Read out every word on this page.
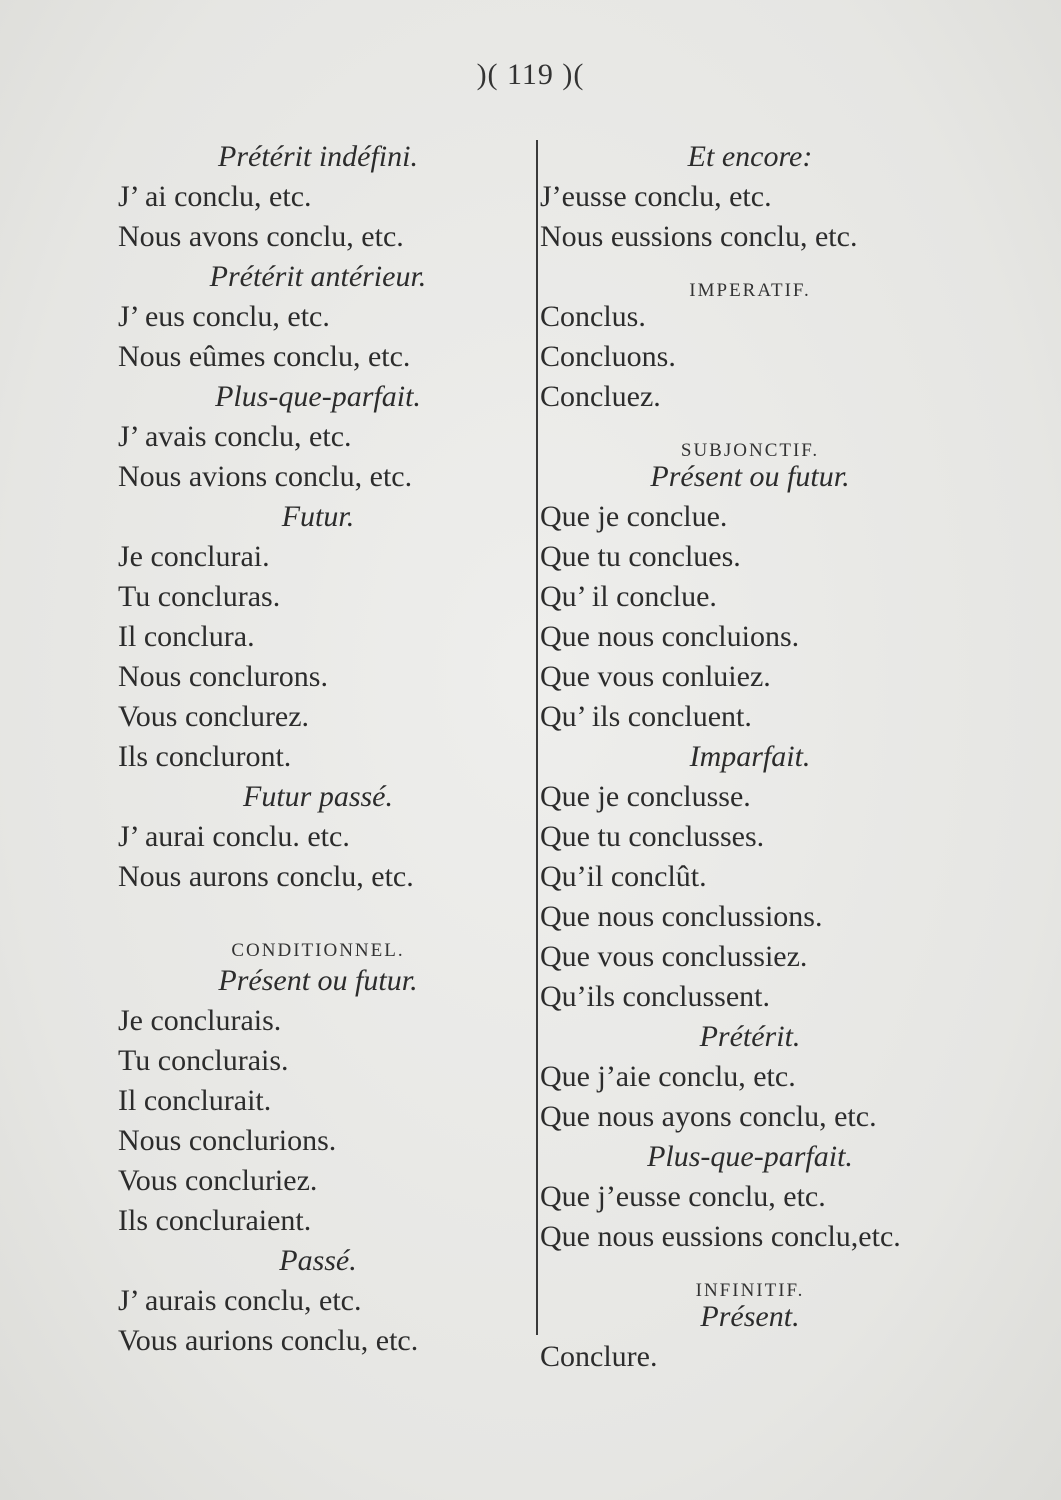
)( 119 )(
Prétérit indéfini.
J’ ai conclu, etc.
Nous avons conclu, etc.
Prétérit antérieur.
J’ eus conclu, etc.
Nous eûmes conclu, etc.
Plus-que-parfait.
J’ avais conclu, etc.
Nous avions conclu, etc.
Futur.
Je conclurai.
Tu concluras.
Il conclura.
Nous conclurons.
Vous conclurez.
Ils concluront.
Futur passé.
J’ aurai conclu. etc.
Nous aurons conclu, etc.
CONDITIONNEL.
Présent ou futur.
Je conclurais.
Tu conclurais.
Il conclurait.
Nous conclurions.
Vous concluriez.
Ils concluraient.
Passé.
J’ aurais conclu, etc.
Vous aurions conclu, etc.
Et encore:
J’eusse conclu, etc.
Nous eussions conclu, etc.
IMPERATIF.
Conclus.
Concluons.
Concluez.
SUBJONCTIF.
Présent ou futur.
Que je conclue.
Que tu conclues.
Qu’ il conclue.
Que nous concluions.
Que vous conluiez.
Qu’ ils concluent.
Imparfait.
Que je conclusse.
Que tu conclusses.
Qu’il conclût.
Que nous conclussions.
Que vous conclussiez.
Qu’ils conclussent.
Prétérit.
Que j’aie conclu, etc.
Que nous ayons conclu, etc.
Plus-que-parfait.
Que j’eusse conclu, etc.
Que nous eussions conclu,etc.
INFINITIF.
Présent.
Conclure.
